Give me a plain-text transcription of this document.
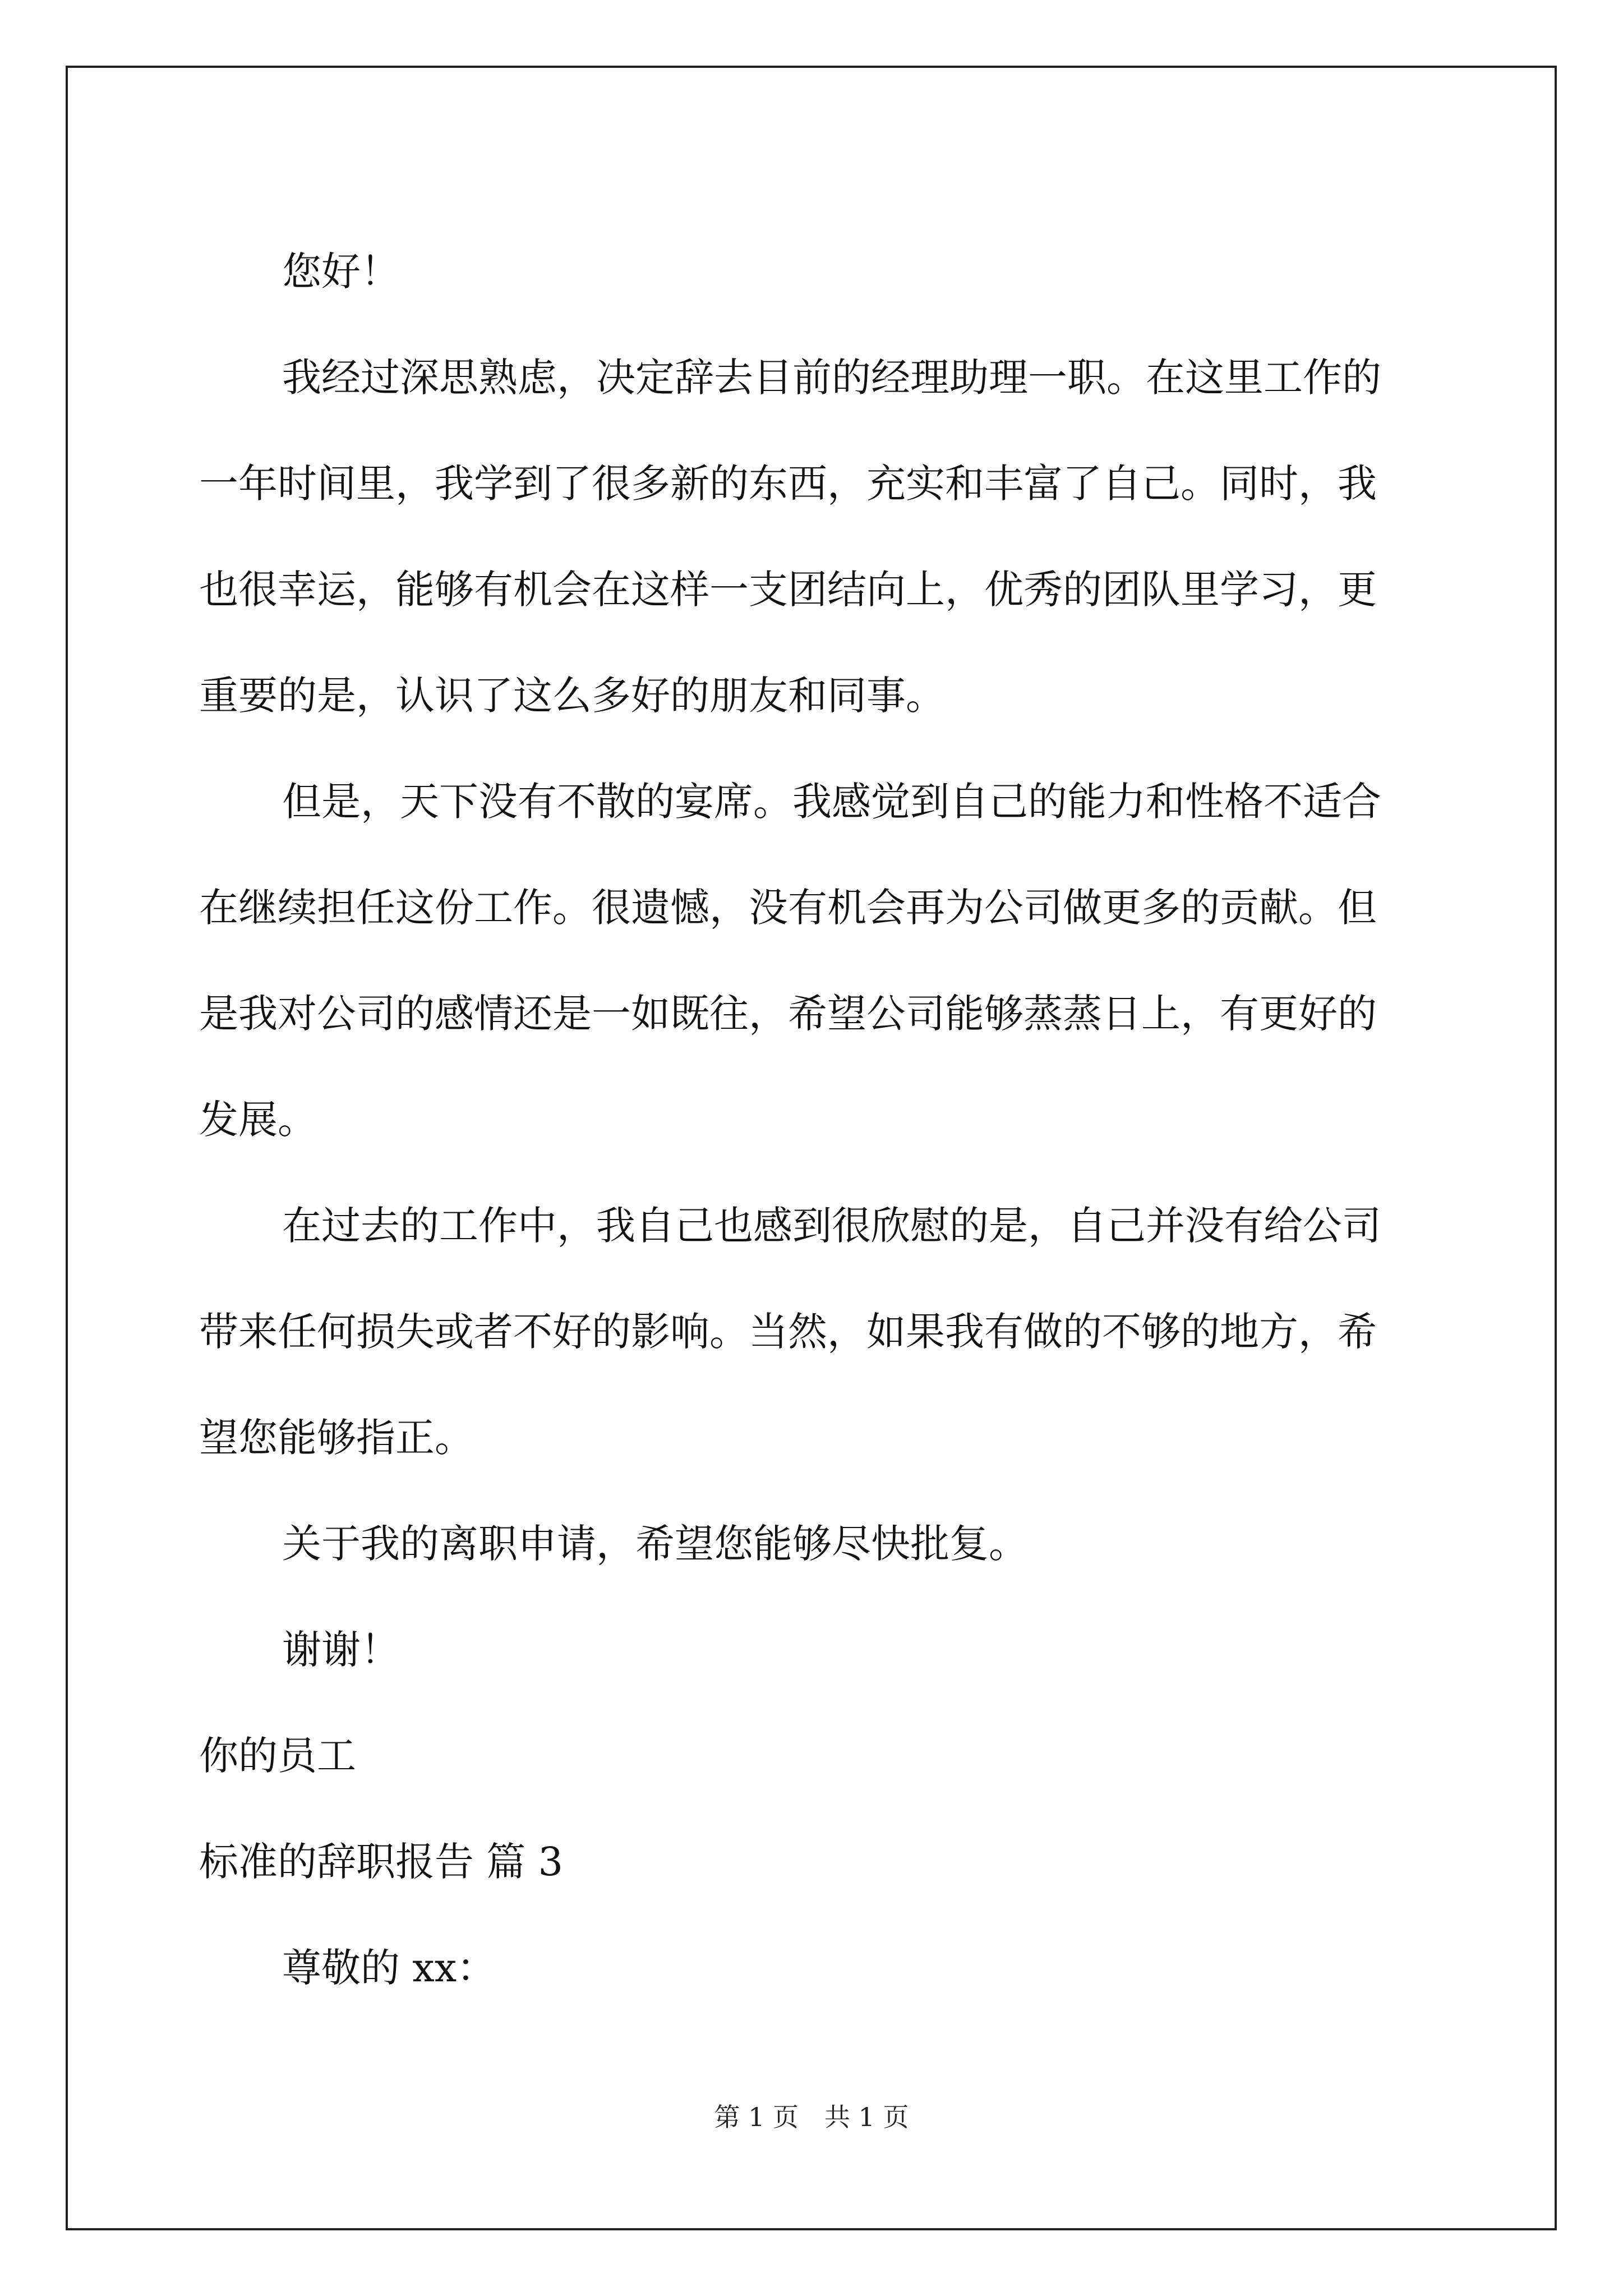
您好！

我经过深思熟虑，决定辞去目前的经理助理一职。在这里工作的

一年时间里，我学到了很多新的东西，充实和丰富了自己。同时，我

也很幸运，能够有机会在这样一支团结向上，优秀的团队里学习，更

重要的是，认识了这么多好的朋友和同事。

但是，天下没有不散的宴席。我感觉到自己的能力和性格不适合

在继续担任这份工作。很遗憾，没有机会再为公司做更多的贡献。但

是我对公司的感情还是一如既往，希望公司能够蒸蒸日上，有更好的

发展。

在过去的工作中，我自己也感到很欣慰的是，自己并没有给公司

带来任何损失或者不好的影响。当然，如果我有做的不够的地方，希

望您能够指正。

关于我的离职申请，希望您能够尽快批复。

谢谢！

你的员工

标准的辞职报告 篇 3

尊敬的 xx：

第 1 页　共 1 页
